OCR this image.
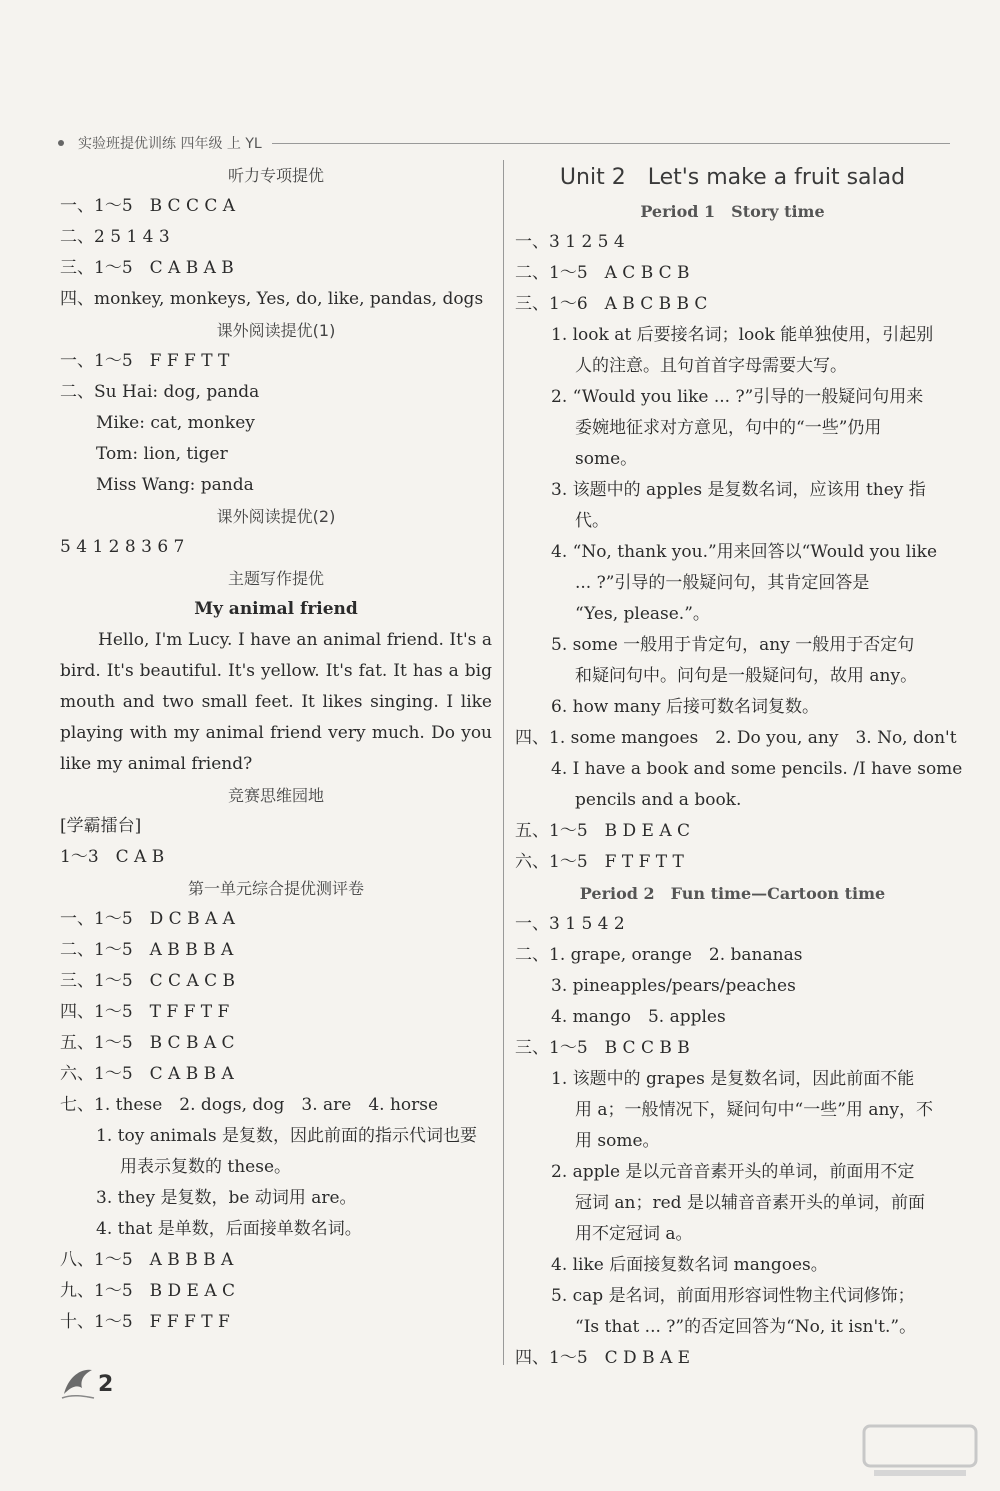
实验班提优训练 四年级 上 YL
听力专项提优
一、1～5　B C C C A
二、2 5 1 4 3
三、1～5　C A B A B
四、monkey, monkeys, Yes, do, like, pandas, dogs
课外阅读提优(1)
一、1～5　F F F T T
二、Su Hai: dog, panda
Mike: cat, monkey
Tom: lion, tiger
Miss Wang: panda
课外阅读提优(2)
5 4 1 2 8 3 6 7
主题写作提优
My animal friend
Hello, I'm Lucy. I have an animal friend. It's a bird. It's beautiful. It's yellow. It's fat. It has a big mouth and two small feet. It likes singing. I like playing with my animal friend very much. Do you like my animal friend?
竞赛思维园地
[学霸擂台]
1～3　C A B
第一单元综合提优测评卷
一、1～5　D C B A A
二、1～5　A B B B A
三、1～5　C C A C B
四、1～5　T F F T F
五、1～5　B C B A C
六、1～5　C A B B A
七、1. these　2. dogs, dog　3. are　4. horse
1. toy animals 是复数，因此前面的指示代词也要
用表示复数的 these。
3. they 是复数，be 动词用 are。
4. that 是单数，后面接单数名词。
八、1～5　A B B B A
九、1～5　B D E A C
十、1～5　F F F T F
Unit 2　Let's make a fruit salad
Period 1　Story time
一、3 1 2 5 4
二、1～5　A C B C B
三、1～6　A B C B B C
1. look at 后要接名词；look 能单独使用，引起别
人的注意。且句首首字母需要大写。
2. “Would you like ... ?”引导的一般疑问句用来
委婉地征求对方意见，句中的“一些”仍用
some。
3. 该题中的 apples 是复数名词，应该用 they 指
代。
4. “No, thank you.”用来回答以“Would you like
... ?”引导的一般疑问句，其肯定回答是
“Yes, please.”。
5. some 一般用于肯定句，any 一般用于否定句
和疑问句中。问句是一般疑问句，故用 any。
6. how many 后接可数名词复数。
四、1. some mangoes　2. Do you, any　3. No, don't
4. I have a book and some pencils. /I have some
pencils and a book.
五、1～5　B D E A C
六、1～5　F T F T T
Period 2　Fun time—Cartoon time
一、3 1 5 4 2
二、1. grape, orange　2. bananas
3. pineapples/pears/peaches
4. mango　5. apples
三、1～5　B C C B B
1. 该题中的 grapes 是复数名词，因此前面不能
用 a；一般情况下，疑问句中“一些”用 any，不
用 some。
2. apple 是以元音音素开头的单词，前面用不定
冠词 an；red 是以辅音音素开头的单词，前面
用不定冠词 a。
4. like 后面接复数名词 mangoes。
5. cap 是名词，前面用形容词性物主代词修饰；
“Is that ... ?”的否定回答为“No, it isn't.”。
四、1～5　C D B A E
2
